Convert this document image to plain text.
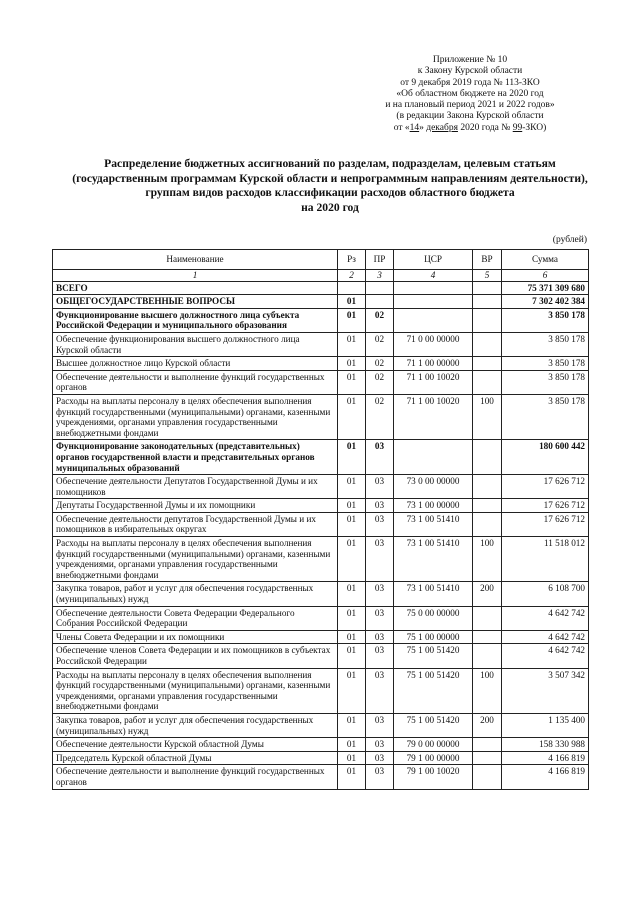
Приложение № 10
к Закону Курской области
от 9 декабря 2019 года № 113-ЗКО
«Об областном бюджете на 2020 год
и на плановый период 2021 и 2022 годов»
(в редакции Закона Курской области
от «14» декабря 2020 года № 99-ЗКО)
Распределение бюджетных ассигнований по разделам, подразделам, целевым статьям
(государственным программам Курской области и непрограммным направлениям деятельности),
группам видов расходов классификации расходов областного бюджета
на 2020 год
(рублей)
Наименование	Рз	ПР	ЦСР	ВР	Сумма
1	2	3	4	5	6
ВСЕГО					75 371 309 680
ОБЩЕГОСУДАРСТВЕННЫЕ ВОПРОСЫ	01				7 302 402 384
Функционирование высшего должностного лица субъекта Российской Федерации и муниципального образования	01	02			3 850 178
Обеспечение функционирования высшего должностного лица Курской области	01	02	71 0 00 00000		3 850 178
Высшее должностное лицо Курской области	01	02	71 1 00 00000		3 850 178
Обеспечение деятельности и выполнение функций государственных органов	01	02	71 1 00 10020		3 850 178
Расходы на выплаты персоналу в целях обеспечения выполнения функций государственными (муниципальными) органами, казенными учреждениями, органами управления государственными внебюджетными фондами	01	02	71 1 00 10020	100	3 850 178
Функционирование законодательных (представительных) органов государственной власти и представительных органов муниципальных образований	01	03			180 600 442
Обеспечение деятельности Депутатов Государственной Думы и их помощников	01	03	73 0 00 00000		17 626 712
Депутаты Государственной Думы и их помощники	01	03	73 1 00 00000		17 626 712
Обеспечение деятельности депутатов Государственной Думы и их помощников в избирательных округах	01	03	73 1 00 51410		17 626 712
Расходы на выплаты персоналу в целях обеспечения выполнения функций государственными (муниципальными) органами, казенными учреждениями, органами управления государственными внебюджетными фондами	01	03	73 1 00 51410	100	11 518 012
Закупка товаров, работ и услуг для обеспечения государственных (муниципальных) нужд	01	03	73 1 00 51410	200	6 108 700
Обеспечение деятельности Совета Федерации Федерального Собрания Российской Федерации	01	03	75 0 00 00000		4 642 742
Члены Совета Федерации и их помощники	01	03	75 1 00 00000		4 642 742
Обеспечение членов Совета Федерации и их помощников в субъектах Российской Федерации	01	03	75 1 00 51420		4 642 742
Расходы на выплаты персоналу в целях обеспечения выполнения функций государственными (муниципальными) органами, казенными учреждениями, органами управления государственными внебюджетными фондами	01	03	75 1 00 51420	100	3 507 342
Закупка товаров, работ и услуг для обеспечения государственных (муниципальных) нужд	01	03	75 1 00 51420	200	1 135 400
Обеспечение деятельности Курской областной Думы	01	03	79 0 00 00000		158 330 988
Председатель Курской областной Думы	01	03	79 1 00 00000		4 166 819
Обеспечение деятельности и выполнение функций государственных органов	01	03	79 1 00 10020		4 166 819
